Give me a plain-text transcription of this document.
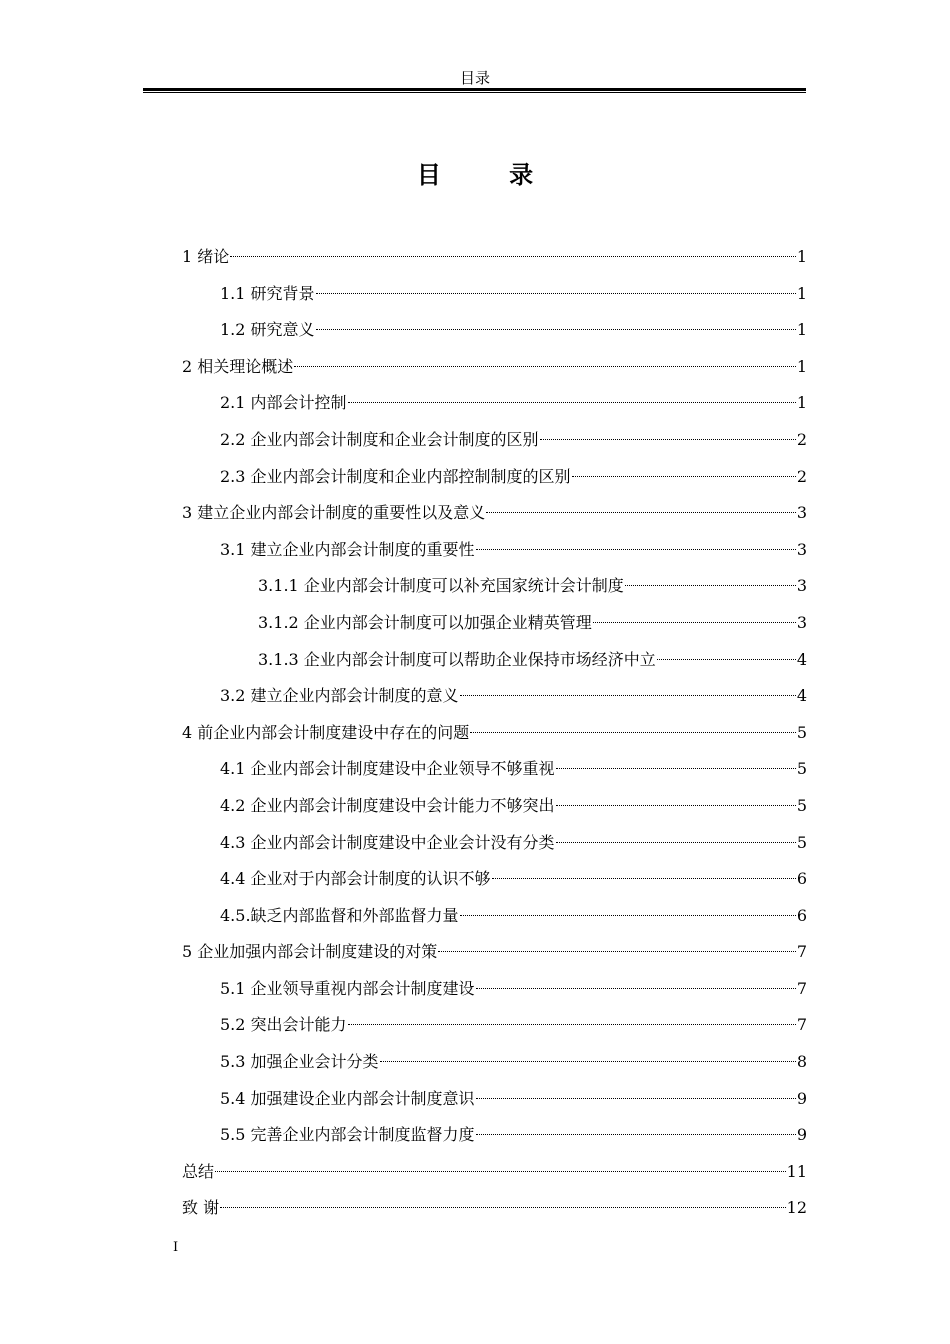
目录
目 录
1 绪论	1
1.1 研究背景	1
1.2 研究意义	1
2 相关理论概述	1
2.1 内部会计控制	1
2.2 企业内部会计制度和企业会计制度的区别	2
2.3 企业内部会计制度和企业内部控制制度的区别	2
3 建立企业内部会计制度的重要性以及意义	3
3.1 建立企业内部会计制度的重要性	3
3.1.1 企业内部会计制度可以补充国家统计会计制度	3
3.1.2 企业内部会计制度可以加强企业精英管理	3
3.1.3 企业内部会计制度可以帮助企业保持市场经济中立	4
3.2 建立企业内部会计制度的意义	4
4 前企业内部会计制度建设中存在的问题	5
4.1 企业内部会计制度建设中企业领导不够重视	5
4.2 企业内部会计制度建设中会计能力不够突出	5
4.3 企业内部会计制度建设中企业会计没有分类	5
4.4 企业对于内部会计制度的认识不够	6
4.5.缺乏内部监督和外部监督力量	6
5 企业加强内部会计制度建设的对策	7
5.1 企业领导重视内部会计制度建设	7
5.2 突出会计能力	7
5.3 加强企业会计分类	8
5.4 加强建设企业内部会计制度意识	9
5.5 完善企业内部会计制度监督力度	9
总结	11
致 谢	12
I
